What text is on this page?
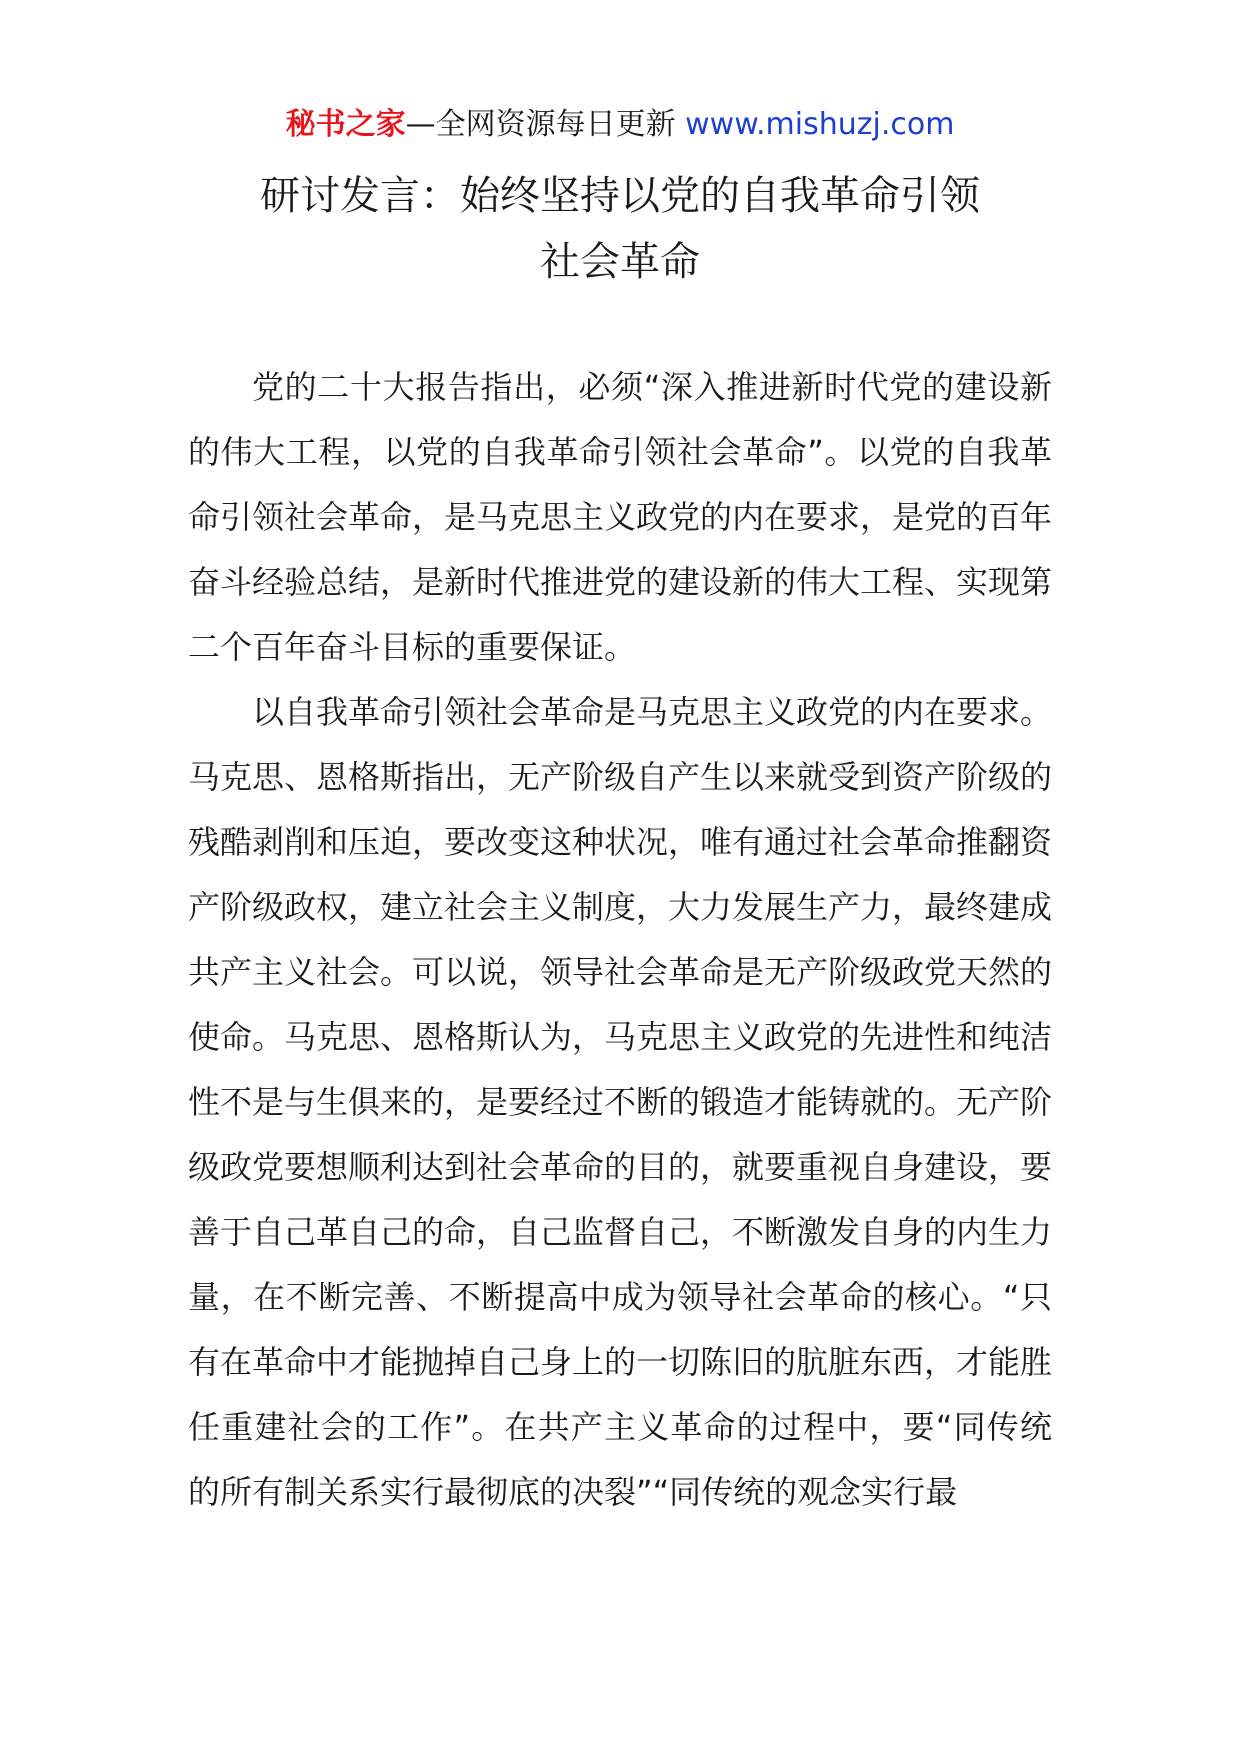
秘书之家—全网资源每日更新 www.mishuzj.com
研讨发言：始终坚持以党的自我革命引领
社会革命

党的二十大报告指出，必须“深入推进新时代党的建设新的伟大工程，以党的自我革命引领社会革命”。以党的自我革命引领社会革命，是马克思主义政党的内在要求，是党的百年奋斗经验总结，是新时代推进党的建设新的伟大工程、实现第二个百年奋斗目标的重要保证。

以自我革命引领社会革命是马克思主义政党的内在要求。马克思、恩格斯指出，无产阶级自产生以来就受到资产阶级的残酷剥削和压迫，要改变这种状况，唯有通过社会革命推翻资产阶级政权，建立社会主义制度，大力发展生产力，最终建成共产主义社会。可以说，领导社会革命是无产阶级政党天然的使命。马克思、恩格斯认为，马克思主义政党的先进性和纯洁性不是与生俱来的，是要经过不断的锻造才能铸就的。无产阶级政党要想顺利达到社会革命的目的，就要重视自身建设，要善于自己革自己的命，自己监督自己，不断激发自身的内生力量，在不断完善、不断提高中成为领导社会革命的核心。“只有在革命中才能抛掉自己身上的一切陈旧的肮脏东西，才能胜任重建社会的工作”。在共产主义革命的过程中，要“同传统的所有制关系实行最彻底的决裂”“同传统的观念实行最
